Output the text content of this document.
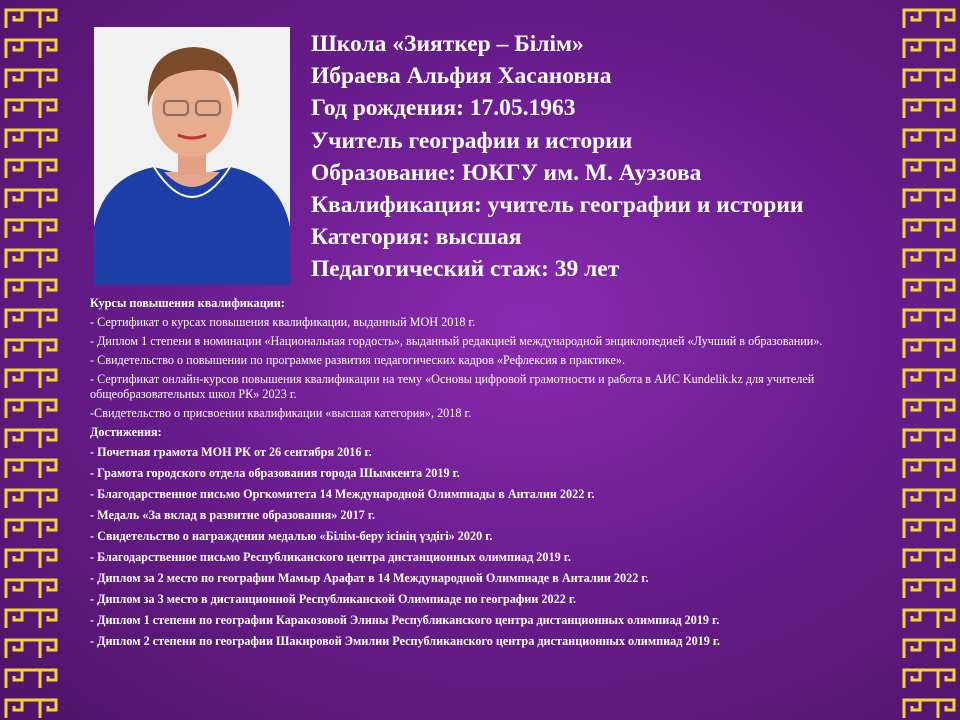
Школа «Зияткер – Білім»
Ибраева Альфия Хасановна
Год рождения: 17.05.1963
Учитель географии и истории
Образование: ЮКГУ им. М. Ауэзова
Квалификация: учитель географии и истории
Категория: высшая
Педагогический стаж: 39 лет
Курсы повышения квалификации:
- Сертификат о курсах повышения квалификации, выданный МОН 2018 г.
- Диплом 1 степени в номинации «Национальная гордость», выданный редакцией международной энциклопедией «Лучший в образовании».
- Свидетельство о повышении по программе развития педагогических кадров «Рефлексия в практике».
- Сертификат онлайн-курсов повышения квалификации на тему «Основы цифровой грамотности и работа в АИС Kundelik.kz для учителей общеобразовательных школ РК» 2023 г.
-Свидетельство о присвоении квалификации «высшая категория», 2018 г.
Достижения:
- Почетная грамота МОН РК от 26 сентября 2016 г.
- Грамота городского отдела образования города Шымкента 2019 г.
- Благодарственное письмо Оргкомитета 14 Международной Олимпиады в Анталии 2022 г.
- Медаль «За вклад в развитие образования» 2017 г.
- Свидетельство о награждении медалью «Білім-беру ісінің үздігі» 2020 г.
- Благодарственное письмо Республиканского центра дистанционных олимпиад 2019 г.
- Диплом за 2 место по географии Мамыр Арафат в 14 Международной Олимпиаде в Анталии 2022 г.
- Диплом за 3 место в дистанционной Республиканской Олимпиаде по географии 2022 г.
- Диплом 1 степени по географии Каракозовой Элины Республиканского центра дистанционных олимпиад 2019 г.
- Диплом 2 степени по географии Шакировой Эмилии Республиканского центра дистанционных олимпиад 2019 г.
